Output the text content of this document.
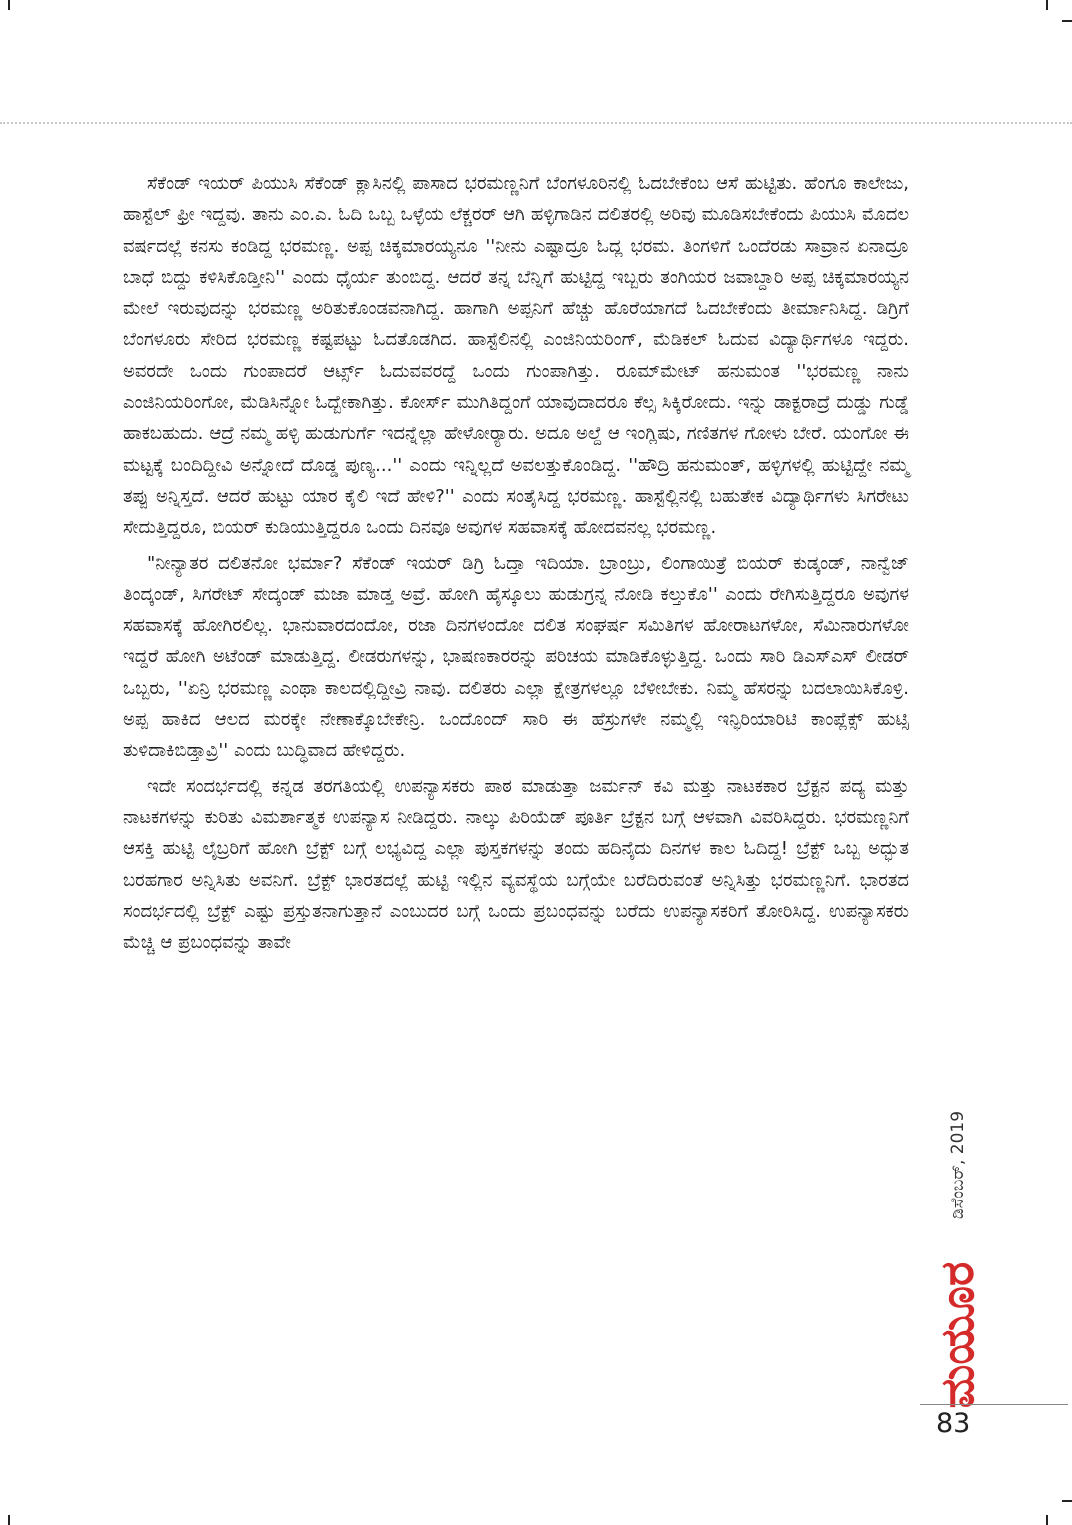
ಸೆಕೆಂಡ್ ಇಯರ್ ಪಿಯುಸಿ ಸೆಕೆಂಡ್ ಕ್ಲಾಸಿನಲ್ಲಿ ಪಾಸಾದ ಭರಮಣ್ಣನಿಗೆ ಬೆಂಗಳೂರಿನಲ್ಲಿ ಓದಬೇಕೆಂಬ ಆಸೆ ಹುಟ್ಟಿತು. ಹೆಂಗೂ ಕಾಲೇಜು, ಹಾಸ್ಟೆಲ್ ಫ್ರೀ ಇದ್ದವು. ತಾನು ಎಂ.ಎ. ಓದಿ ಒಬ್ಬ ಒಳ್ಳೆಯ ಲೆಕ್ಚರರ್ ಆಗಿ ಹಳ್ಳಿಗಾಡಿನ ದಲಿತರಲ್ಲಿ ಅರಿವು ಮೂಡಿಸಬೇಕೆಂದು ಪಿಯುಸಿ ಮೊದಲ ವರ್ಷದಲ್ಲೆ ಕನಸು ಕಂಡಿದ್ದ ಭರಮಣ್ಣ. ಅಪ್ಪ ಚಿಕ್ಕಮಾರಯ್ಯನೂ ''ನೀನು ಎಷ್ಟಾದ್ರೂ ಓದ್ಲ ಭರಮ. ತಿಂಗಳಿಗೆ ಒಂದೆರಡು ಸಾವ್ರಾನ ಏನಾದ್ರೂ ಬಾಧೆ ಬಿದ್ದು ಕಳಿಸಿಕೊಡ್ತೀನಿ'' ಎಂದು ಧೈರ್ಯ ತುಂಬಿದ್ದ. ಆದರೆ ತನ್ನ ಬೆನ್ನಿಗೆ ಹುಟ್ಟಿದ್ದ ಇಬ್ಬರು ತಂಗಿಯರ ಜವಾಬ್ದಾರಿ ಅಪ್ಪ ಚಿಕ್ಕಮಾರಯ್ಯನ ಮೇಲೆ ಇರುವುದನ್ನು ಭರಮಣ್ಣ ಅರಿತುಕೊಂಡವನಾಗಿದ್ದ. ಹಾಗಾಗಿ ಅಪ್ಪನಿಗೆ ಹೆಚ್ಚು ಹೊರೆಯಾಗದೆ ಓದಬೇಕೆಂದು ತೀರ್ಮಾನಿಸಿದ್ದ. ಡಿಗ್ರಿಗೆ ಬೆಂಗಳೂರು ಸೇರಿದ ಭರಮಣ್ಣ ಕಷ್ಟಪಟ್ಟು ಓದತೊಡಗಿದ. ಹಾಸ್ಟೆಲಿನಲ್ಲಿ ಎಂಜಿನಿಯರಿಂಗ್, ಮೆಡಿಕಲ್ ಓದುವ ವಿದ್ಯಾರ್ಥಿಗಳೂ ಇದ್ದರು. ಅವರದೇ ಒಂದು ಗುಂಪಾದರೆ ಆರ್ಟ್ಸ್ ಓದುವವರದ್ದೆ ಒಂದು ಗುಂಪಾಗಿತ್ತು. ರೂಮ್‌ಮೇಟ್ ಹನುಮಂತ ''ಭರಮಣ್ಣ ನಾನು ಎಂಜಿನಿಯರಿಂಗೋ, ಮೆಡಿಸಿನ್ನೋ ಓದ್ಬೇಕಾಗಿತ್ತು. ಕೋರ್ಸ್ ಮುಗಿತಿದ್ದಂಗೆ ಯಾವುದಾದರೂ ಕೆಲ್ಸ ಸಿಕ್ಕಿರೋದು. ಇನ್ನು ಡಾಕ್ಟರಾದ್ರೆ ದುಡ್ಡು ಗುಡ್ಡೆ ಹಾಕಬಹುದು. ಆದ್ರೆ ನಮ್ಮ ಹಳ್ಳಿ ಹುಡುಗುರ್ಗೆ ಇದನ್ನೆಲ್ಲಾ ಹೇಳೋರ್‍ಯಾರು. ಅದೂ ಅಲ್ದೆ ಆ ಇಂಗ್ಲಿಷು, ಗಣಿತಗಳ ಗೋಳು ಬೇರೆ. ಯಂಗೋ ಈ ಮಟ್ಟಕ್ಕೆ ಬಂದಿದ್ದೀವಿ ಅನ್ನೋದೆ ದೊಡ್ಡ ಪುಣ್ಯ...'' ಎಂದು ಇನ್ನಿಲ್ಲದೆ ಅವಲತ್ತುಕೊಂಡಿದ್ದ. ''ಹೌದ್ರಿ ಹನುಮಂತ್, ಹಳ್ಳಿಗಳಲ್ಲಿ ಹುಟ್ಟಿದ್ದೇ ನಮ್ಮ ತಪ್ಪು ಅನ್ನಿಸ್ತದೆ. ಆದರೆ ಹುಟ್ಟು ಯಾರ ಕೈಲಿ ಇದೆ ಹೇಳಿ?'' ಎಂದು ಸಂತೈಸಿದ್ದ ಭರಮಣ್ಣ. ಹಾಸ್ಟೆಲ್ಲಿನಲ್ಲಿ ಬಹುತೇಕ ವಿದ್ಯಾರ್ಥಿಗಳು ಸಿಗರೇಟು ಸೇದುತ್ತಿದ್ದರೂ, ಬಿಯರ್ ಕುಡಿಯುತ್ತಿದ್ದರೂ ಒಂದು ದಿನವೂ ಅವುಗಳ ಸಹವಾಸಕ್ಕೆ ಹೋದವನಲ್ಲ ಭರಮಣ್ಣ.

"ನೀನ್ಯಾತರ ದಲಿತನೋ ಭರ್ಮಾ? ಸೆಕೆಂಡ್ ಇಯರ್ ಡಿಗ್ರಿ ಓದ್ತಾ ಇದಿಯಾ. ಬ್ರಾಂಬ್ರು, ಲಿಂಗಾಯಿತ್ರೆ ಬಿಯರ್ ಕುಡ್ಕಂಡ್, ನಾನ್ವೆಜ್ ತಿಂದ್ಕಂಡ್, ಸಿಗರೇಟ್ ಸೇದ್ಕಂಡ್ ಮಜಾ ಮಾಡ್ತ ಅವ್ರೆ. ಹೋಗಿ ಹೈಸ್ಕೂಲು ಹುಡುಗ್ರನ್ನ ನೋಡಿ ಕಲ್ತುಕೊ'' ಎಂದು ರೇಗಿಸುತ್ತಿದ್ದರೂ ಅವುಗಳ ಸಹವಾಸಕ್ಕೆ ಹೋಗಿರಲಿಲ್ಲ. ಭಾನುವಾರದಂದೋ, ರಜಾ ದಿನಗಳಂದೋ ದಲಿತ ಸಂಘರ್ಷ ಸಮಿತಿಗಳ ಹೋರಾಟಗಳೋ, ಸೆಮಿನಾರುಗಳೋ ಇದ್ದರೆ ಹೋಗಿ ಅಟೆಂಡ್ ಮಾಡುತ್ತಿದ್ದ. ಲೀಡರುಗಳನ್ನು, ಭಾಷಣಕಾರರನ್ನು ಪರಿಚಯ ಮಾಡಿಕೊಳ್ಳುತ್ತಿದ್ದ. ಒಂದು ಸಾರಿ ಡಿಎಸ್‌ಎಸ್ ಲೀಡರ್ ಒಬ್ಬರು, ''ಏನ್ರಿ ಭರಮಣ್ಣ ಎಂಥಾ ಕಾಲದಲ್ಲಿದ್ದೀವ್ರಿ ನಾವು. ದಲಿತರು ಎಲ್ಲಾ ಕ್ಷೇತ್ರಗಳಲ್ಲೂ ಬೆಳೀಬೇಕು. ನಿಮ್ಮ ಹೆಸರನ್ನು ಬದಲಾಯಿಸಿಕೊಳ್ರಿ. ಅಪ್ಪ ಹಾಕಿದ ಆಲದ ಮರಕ್ಕೇ ನೇಣಾಕ್ಕೊಬೇಕೇನ್ರಿ. ಒಂದೊಂದ್ ಸಾರಿ ಈ ಹೆಸ್ರುಗಳೇ ನಮ್ಮಲ್ಲಿ ಇನ್ಫಿರಿಯಾರಿಟಿ ಕಾಂಪ್ಲೆಕ್ಸ್ ಹುಟ್ಸಿ ತುಳಿದಾಕಿಬಿಡ್ತಾವ್ರಿ'' ಎಂದು ಬುದ್ಧಿವಾದ ಹೇಳಿದ್ದರು.

ಇದೇ ಸಂದರ್ಭದಲ್ಲಿ ಕನ್ನಡ ತರಗತಿಯಲ್ಲಿ ಉಪನ್ಯಾಸಕರು ಪಾಠ ಮಾಡುತ್ತಾ ಜರ್ಮನ್ ಕವಿ ಮತ್ತು ನಾಟಕಕಾರ ಬ್ರೆಕ್ಟನ ಪದ್ಯ ಮತ್ತು ನಾಟಕಗಳನ್ನು ಕುರಿತು ವಿಮರ್ಶಾತ್ಮಕ ಉಪನ್ಯಾಸ ನೀಡಿದ್ದರು. ನಾಲ್ಕು ಪಿರಿಯೆಡ್ ಪೂರ್ತಿ ಬ್ರೆಕ್ಟನ ಬಗ್ಗೆ ಆಳವಾಗಿ ವಿವರಿಸಿದ್ದರು. ಭರಮಣ್ಣನಿಗೆ ಆಸಕ್ತಿ ಹುಟ್ಟಿ ಲೈಬ್ರರಿಗೆ ಹೋಗಿ ಬ್ರೆಕ್ಟ್ ಬಗ್ಗೆ ಲಭ್ಯವಿದ್ದ ಎಲ್ಲಾ ಪುಸ್ತಕಗಳನ್ನು ತಂದು ಹದಿನೈದು ದಿನಗಳ ಕಾಲ ಓದಿದ್ದ! ಬ್ರೆಕ್ಟ್ ಒಬ್ಬ ಅದ್ಭುತ ಬರಹಗಾರ ಅನ್ನಿಸಿತು ಅವನಿಗೆ. ಬ್ರೆಕ್ಟ್ ಭಾರತದಲ್ಲೆ ಹುಟ್ಟಿ ಇಲ್ಲಿನ ವ್ಯವಸ್ಥೆಯ ಬಗ್ಗೆಯೇ ಬರೆದಿರುವಂತೆ ಅನ್ನಿಸಿತ್ತು ಭರಮಣ್ಣನಿಗೆ. ಭಾರತದ ಸಂದರ್ಭದಲ್ಲಿ ಬ್ರೆಕ್ಟ್ ಎಷ್ಟು ಪ್ರಸ್ತುತನಾಗುತ್ತಾನೆ ಎಂಬುದರ ಬಗ್ಗೆ ಒಂದು ಪ್ರಬಂಧವನ್ನು ಬರೆದು ಉಪನ್ಯಾಸಕರಿಗೆ ತೋರಿಸಿದ್ದ. ಉಪನ್ಯಾಸಕರು ಮೆಚ್ಚಿ ಆ ಪ್ರಬಂಧವನ್ನು ತಾವೇ

ಡಿಸೆಂಬರ್, 2019
ಮಯೂರ
83
